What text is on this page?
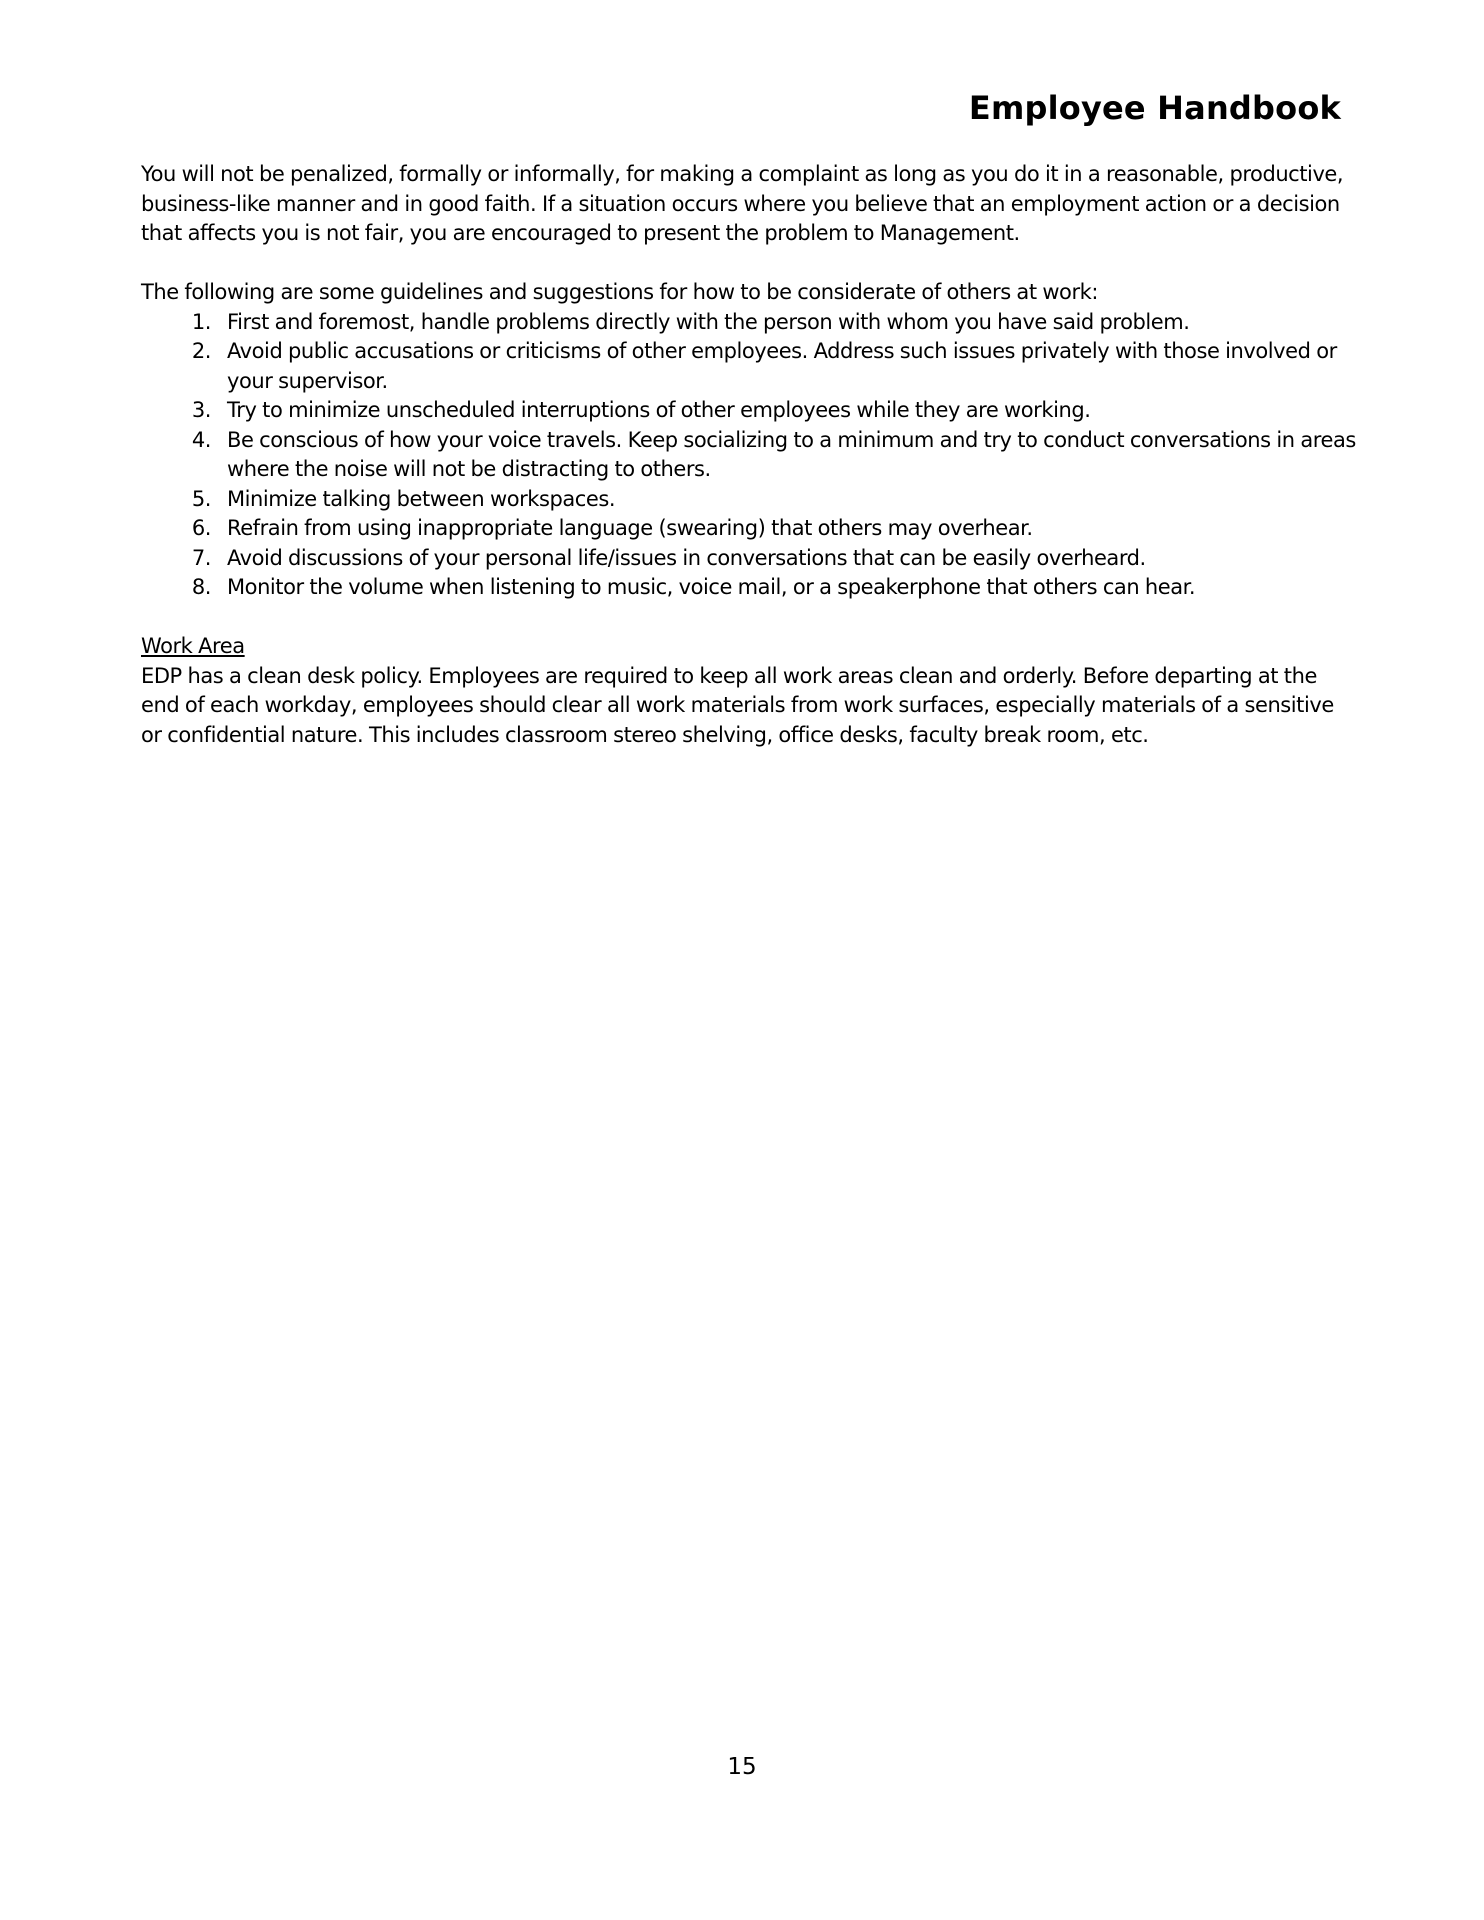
Employee Handbook

You will not be penalized, formally or informally, for making a complaint as long as you do it in a reasonable, productive, business-like manner and in good faith. If a situation occurs where you believe that an employment action or a decision that affects you is not fair, you are encouraged to present the problem to Management.

The following are some guidelines and suggestions for how to be considerate of others at work:

1. First and foremost, handle problems directly with the person with whom you have said problem.
2. Avoid public accusations or criticisms of other employees. Address such issues privately with those involved or your supervisor.
3. Try to minimize unscheduled interruptions of other employees while they are working.
4. Be conscious of how your voice travels. Keep socializing to a minimum and try to conduct conversations in areas where the noise will not be distracting to others.
5. Minimize talking between workspaces.
6. Refrain from using inappropriate language (swearing) that others may overhear.
7. Avoid discussions of your personal life/issues in conversations that can be easily overheard.
8. Monitor the volume when listening to music, voice mail, or a speakerphone that others can hear.

Work Area

EDP has a clean desk policy. Employees are required to keep all work areas clean and orderly. Before departing at the end of each workday, employees should clear all work materials from work surfaces, especially materials of a sensitive or confidential nature. This includes classroom stereo shelving, office desks, faculty break room, etc.

15
